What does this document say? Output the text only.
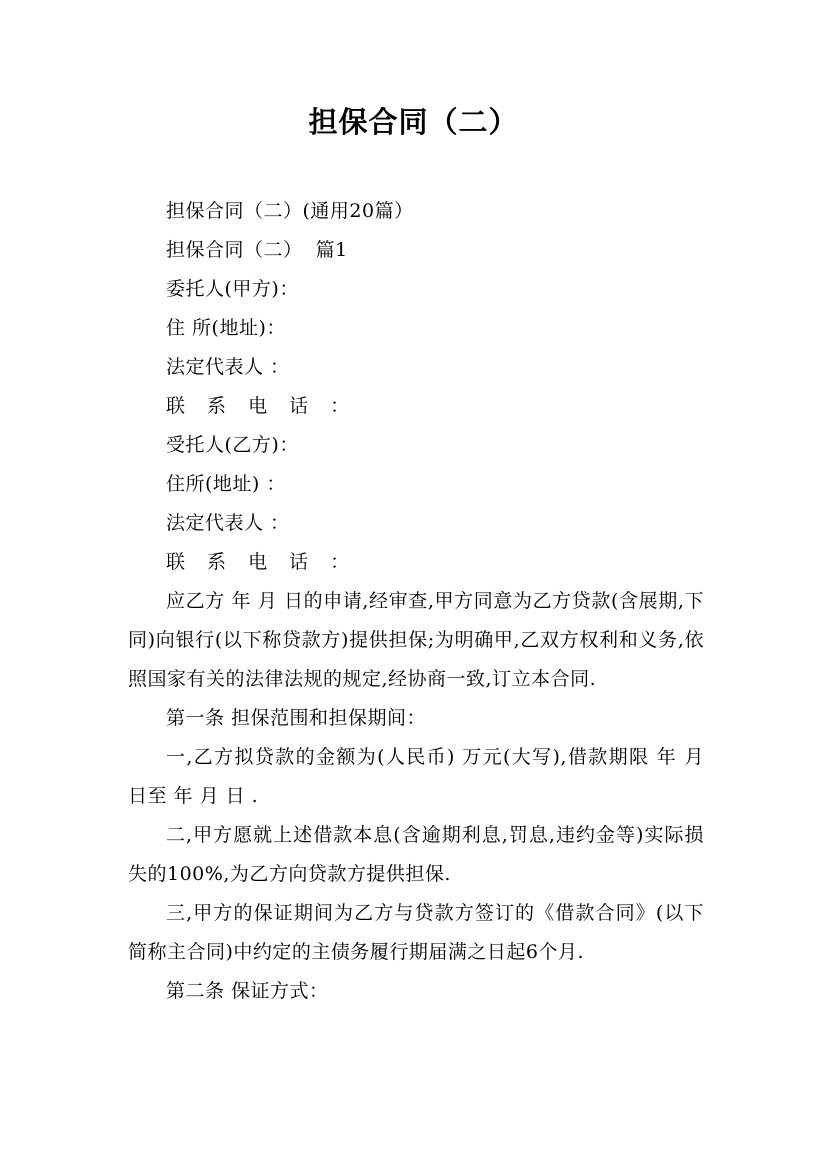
担保合同（二）

担保合同（二）(通用20篇）

担保合同（二）  篇1

委托人(甲方)：

住 所(地址)：

法定代表人 ：

联 系 电 话 ：

受托人(乙方)：

住所(地址) ：

法定代表人 ：

联 系 电 话 ：

应乙方 年 月 日的申请,经审查,甲方同意为乙方贷款(含展期,下同)向银行(以下称贷款方)提供担保;为明确甲,乙双方权利和义务,依照国家有关的法律法规的规定,经协商一致,订立本合同.

第一条 担保范围和担保期间：

一,乙方拟贷款的金额为(人民币) 万元(大写),借款期限 年 月 日至 年 月 日 .

二,甲方愿就上述借款本息(含逾期利息,罚息,违约金等)实际损失的100%,为乙方向贷款方提供担保.

三,甲方的保证期间为乙方与贷款方签订的《借款合同》(以下简称主合同)中约定的主债务履行期届满之日起6个月.

第二条 保证方式：
